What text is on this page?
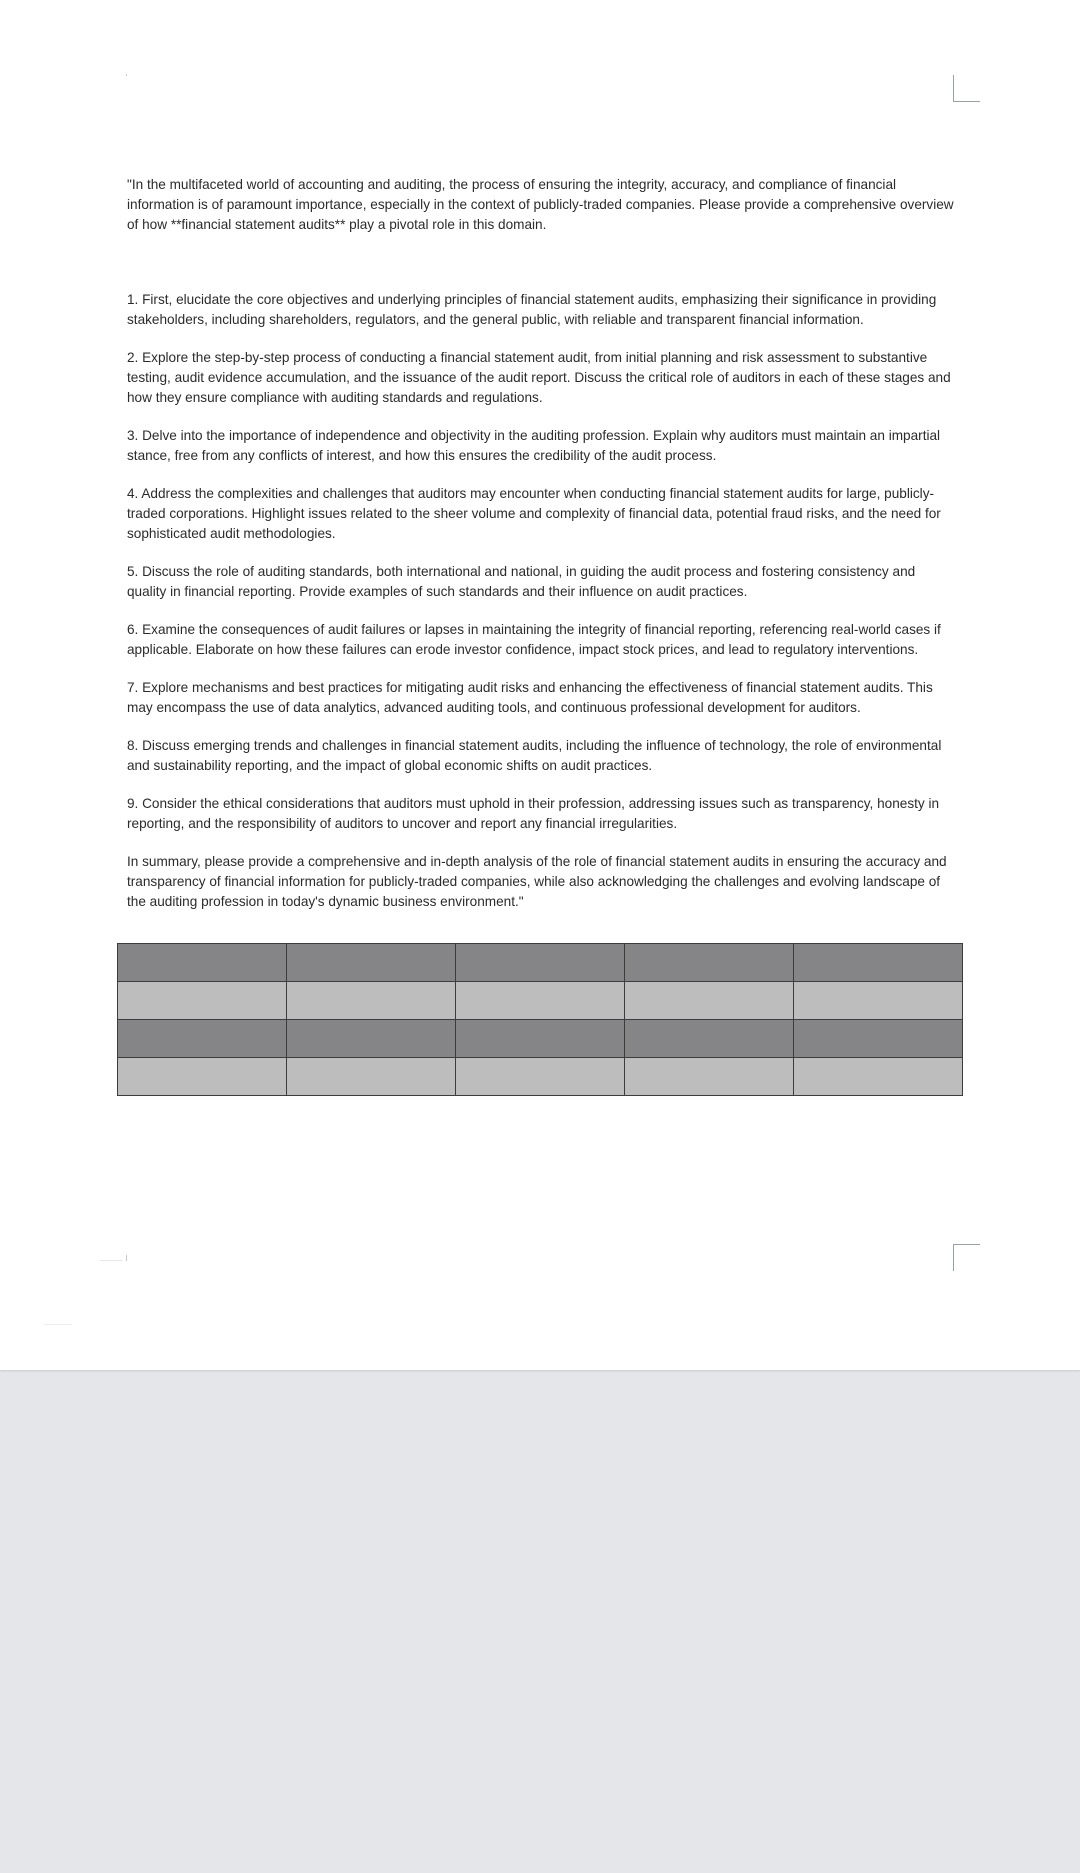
"In the multifaceted world of accounting and auditing, the process of ensuring the integrity, accuracy, and compliance of financial information is of paramount importance, especially in the context of publicly-traded companies. Please provide a comprehensive overview of how **financial statement audits** play a pivotal role in this domain.

1. First, elucidate the core objectives and underlying principles of financial statement audits, emphasizing their significance in providing stakeholders, including shareholders, regulators, and the general public, with reliable and transparent financial information.

2. Explore the step-by-step process of conducting a financial statement audit, from initial planning and risk assessment to substantive testing, audit evidence accumulation, and the issuance of the audit report. Discuss the critical role of auditors in each of these stages and how they ensure compliance with auditing standards and regulations.

3. Delve into the importance of independence and objectivity in the auditing profession. Explain why auditors must maintain an impartial stance, free from any conflicts of interest, and how this ensures the credibility of the audit process.

4. Address the complexities and challenges that auditors may encounter when conducting financial statement audits for large, publicly-traded corporations. Highlight issues related to the sheer volume and complexity of financial data, potential fraud risks, and the need for sophisticated audit methodologies.

5. Discuss the role of auditing standards, both international and national, in guiding the audit process and fostering consistency and quality in financial reporting. Provide examples of such standards and their influence on audit practices.

6. Examine the consequences of audit failures or lapses in maintaining the integrity of financial reporting, referencing real-world cases if applicable. Elaborate on how these failures can erode investor confidence, impact stock prices, and lead to regulatory interventions.

7. Explore mechanisms and best practices for mitigating audit risks and enhancing the effectiveness of financial statement audits. This may encompass the use of data analytics, advanced auditing tools, and continuous professional development for auditors.

8. Discuss emerging trends and challenges in financial statement audits, including the influence of technology, the role of environmental and sustainability reporting, and the impact of global economic shifts on audit practices.

9. Consider the ethical considerations that auditors must uphold in their profession, addressing issues such as transparency, honesty in reporting, and the responsibility of auditors to uncover and report any financial irregularities.

In summary, please provide a comprehensive and in-depth analysis of the role of financial statement audits in ensuring the accuracy and transparency of financial information for publicly-traded companies, while also acknowledging the challenges and evolving landscape of the auditing profession in today's dynamic business environment."
